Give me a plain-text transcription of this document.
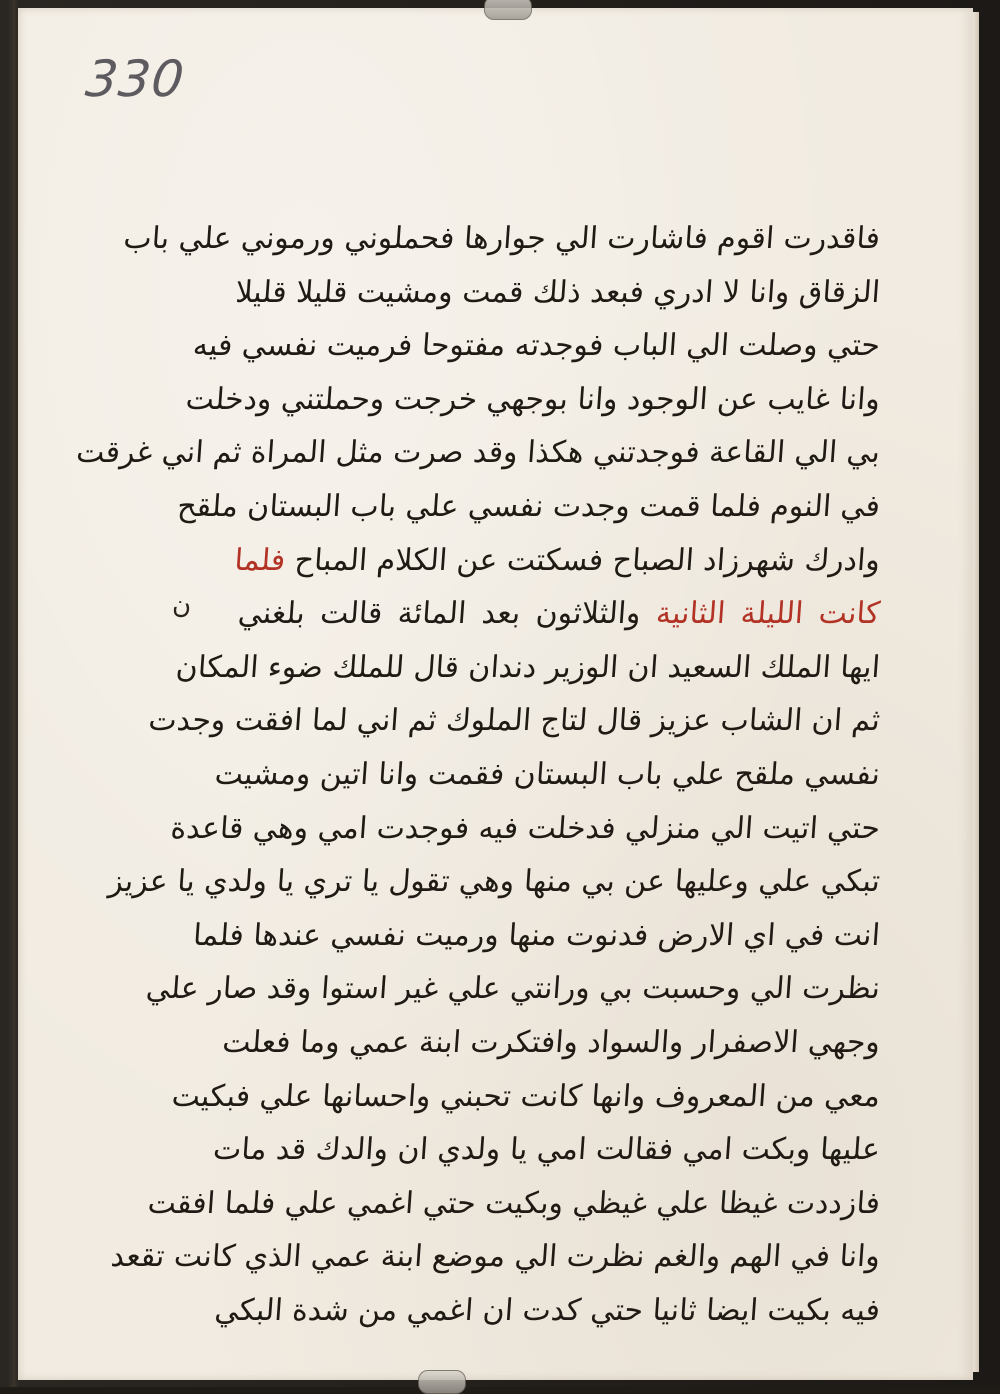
330
ن
فاقدرت اقوم فاشارت الي جوارها فحملوني ورموني علي باب
الزقاق وانا لا ادري فبعد ذلك قمت ومشيت قليلا قليلا
حتي وصلت الي الباب فوجدته مفتوحا فرميت نفسي فيه
وانا غايب عن الوجود وانا بوجهي خرجت وحملتني ودخلت
بي الي القاعة فوجدتني هكذا وقد صرت مثل المراة ثم اني غرقت
في النوم فلما قمت وجدت نفسي علي باب البستان ملقح
وادرك شهرزاد الصباح فسكتت عن الكلام المباح فلما
كانت الليلة الثانية والثلاثون بعد المائة قالت بلغني
ايها الملك السعيد ان الوزير دندان قال للملك ضوء المكان
ثم ان الشاب عزيز قال لتاج الملوك ثم اني لما افقت وجدت
نفسي ملقح علي باب البستان فقمت وانا اتين ومشيت
حتي اتيت الي منزلي فدخلت فيه فوجدت امي وهي قاعدة
تبكي علي وعليها عن بي منها وهي تقول يا تري يا ولدي يا عزيز
انت في اي الارض فدنوت منها ورميت نفسي عندها فلما
نظرت الي وحسبت بي ورانتي علي غير استوا وقد صار علي
وجهي الاصفرار والسواد وافتكرت ابنة عمي وما فعلت
معي من المعروف وانها كانت تحبني واحسانها علي فبكيت
عليها وبكت امي فقالت امي يا ولدي ان والدك قد مات
فازددت غيظا علي غيظي وبكيت حتي اغمي علي فلما افقت
وانا في الهم والغم نظرت الي موضع ابنة عمي الذي كانت تقعد
فيه بكيت ايضا ثانيا حتي كدت ان اغمي من شدة البكي
